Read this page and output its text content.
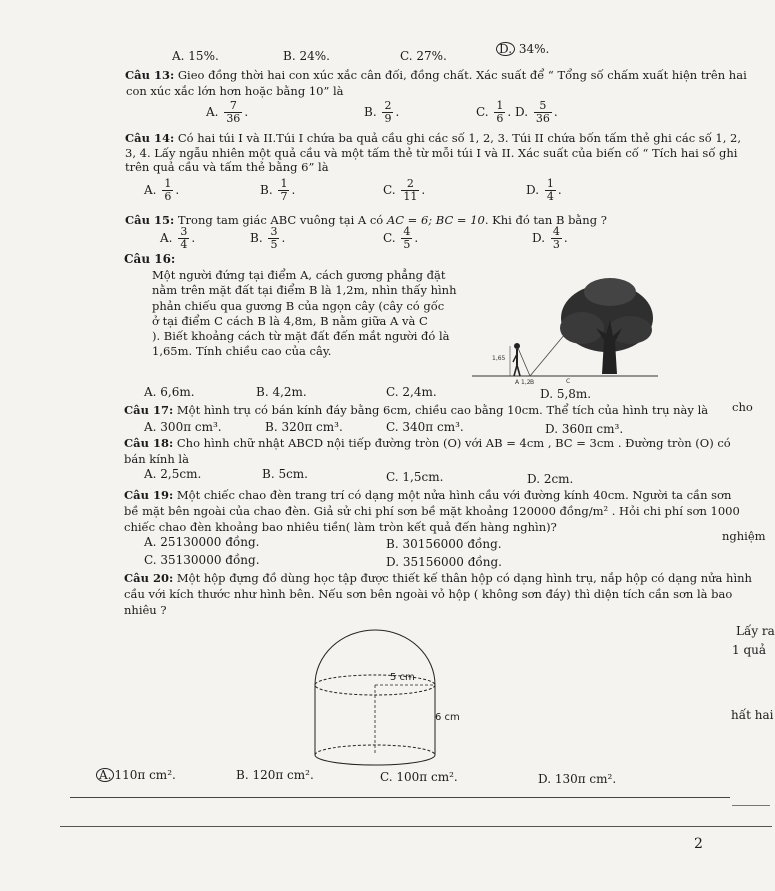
A. 15%.	B. 24%.	C. 27%.	D. 34%.
Câu 13: Gieo đồng thời hai con xúc xắc cân đối, đồng chất. Xác suất để “ Tổng số chấm xuất hiện trên hai
con xúc xắc lớn hơn hoặc bằng 10” là
A. $\frac{7}{36}$ .	B. $\frac{2}{9}$ .	C. $\frac{1}{6}$ . D. $\frac{5}{36}$ .
Câu 14: Có hai túi I và II.Túi I chứa ba quả cầu ghi các số 1, 2, 3. Túi II chứa bốn tấm thẻ ghi các số 1, 2,
3, 4. Lấy ngẫu nhiên một quả cầu và một tấm thẻ từ mỗi túi I và II. Xác suất của biến cố “ Tích hai số ghi
trên quả cầu và tấm thẻ bằng 6” là
A. $\frac{1}{6}$ .	B. $\frac{1}{7}$ .	C. $\frac{2}{11}$ .	D. $\frac{1}{4}$ .
Câu 15: Trong tam giác ABC vuông tại A có AC = 6; BC = 10. Khi đó tan B bằng ?
A. $\frac{3}{4}$ .	B. $\frac{3}{5}$ .	C. $\frac{4}{5}$ .	D. $\frac{4}{3}$ .
Câu 16:
Một người đứng tại điểm A, cách gương phẳng đặt
nằm trên mặt đất tại điểm B là 1,2m, nhìn thấy hình
phản chiếu qua gương B của ngọn cây (cây có gốc
ở tại điểm C cách B là 4,8m, B nằm giữa A và C
). Biết khoảng cách từ mặt đất đến mắt người đó là
1,65m. Tính chiều cao của cây.
1,65
A 1,2 B	C
A. 6,6m.	B. 4,2m.	C. 2,4m.	D. 5,8m.
Câu 17: Một hình trụ có bán kính đáy bằng 6cm, chiều cao bằng 10cm. Thể tích của hình trụ này là cho
A. 300π cm³.	B. 320π cm³.	C. 340π cm³.	D. 360π cm³.
Câu 18: Cho hình chữ nhật ABCD nội tiếp đường tròn (O) với AB = 4cm , BC = 3cm . Đường tròn (O) có
bán kính là
A. 2,5cm.	B. 5cm.	C. 1,5cm.	D. 2cm.
Câu 19: Một chiếc chao đèn trang trí có dạng một nửa hình cầu với đường kính 40cm. Người ta cần sơn
bề mặt bên ngoài của chao đèn. Giả sử chi phí sơn bề mặt khoảng 120000 đồng/m² . Hỏi chi phí sơn 1000
chiếc chao đèn khoảng bao nhiêu tiền( làm tròn kết quả đến hàng nghìn)?
nghiệm
A. 25130000 đồng.	B. 30156000 đồng.
C. 35130000 đồng.	D. 35156000 đồng.
Câu 20: Một hộp đựng đồ dùng học tập được thiết kế thân hộp có dạng hình trụ, nắp hộp có dạng nửa hình
cầu với kích thước như hình bên. Nếu sơn bên ngoài vỏ hộp ( không sơn đáy) thì diện tích cần sơn là bao
nhiêu ?
Lấy ra
1 quả
hất hai
5 cm
6 cm
A. 110π cm².	B. 120π cm².	C. 100π cm².	D. 130π cm².
2
